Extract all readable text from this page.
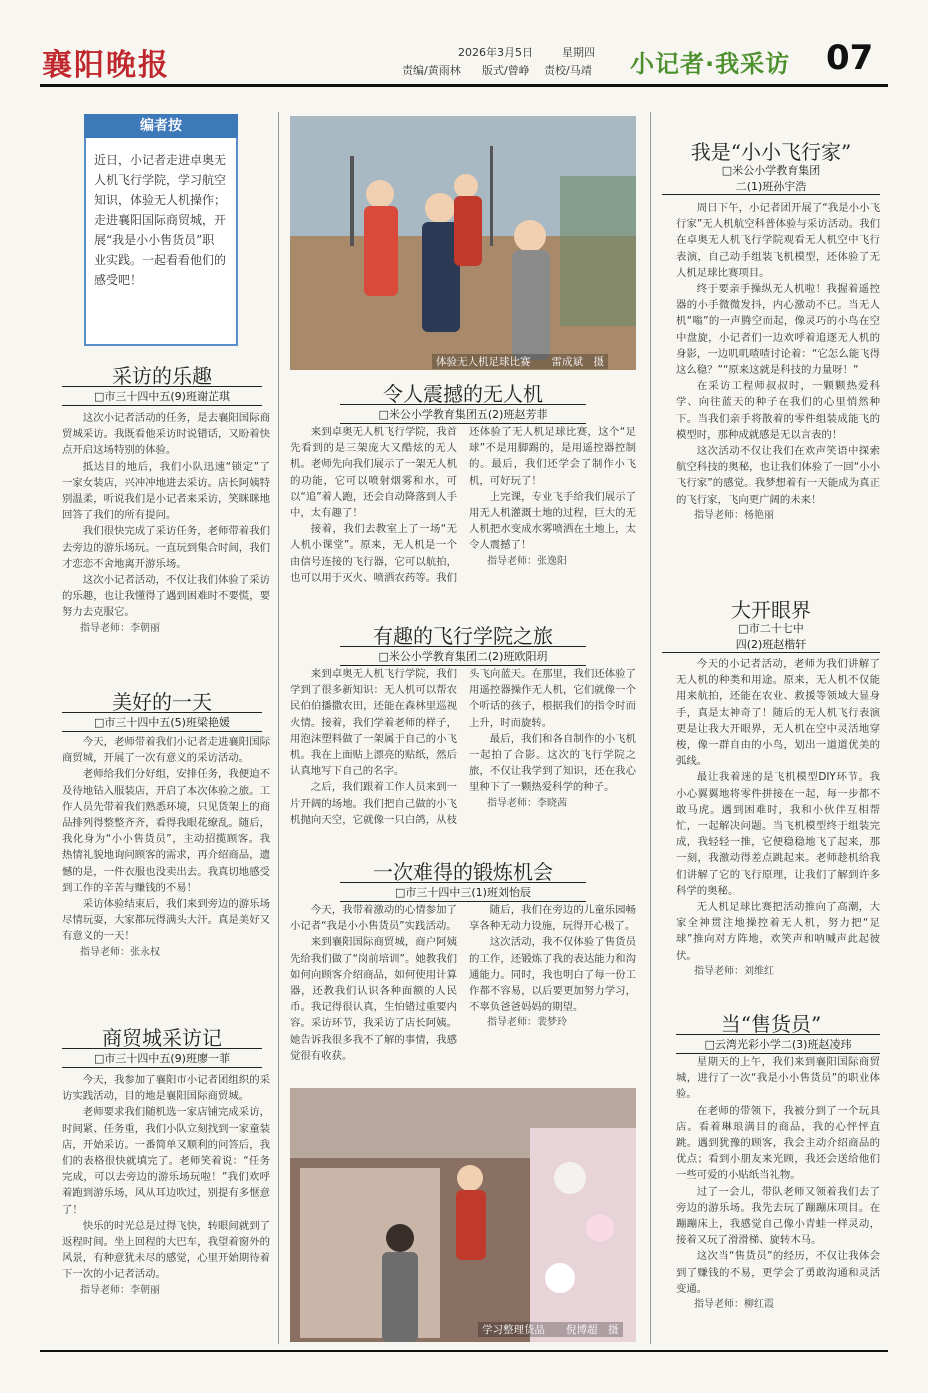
襄阳晚报	2026年3月5日	星期四
责编/黄雨林 版式/曾峥 责校/马靖 小记者·我采访 07
编者按
近日，小记者走进卓奥无人机飞行学院，学习航空知识，体验无人机操作；走进襄阳国际商贸城，开展“我是小小售货员”职业实践。一起看看他们的感受吧！
体验无人机足球比赛　　雷成斌　摄
采访的乐趣
□市三十四中五(9)班谢芷琪

这次小记者活动的任务，是去襄阳国际商贸城采访。我既看他采访时说错话，又盼着快点开启这场特别的体验。

抵达目的地后，我们小队迅速“锁定”了一家女装店，兴冲冲地进去采访。店长阿姨特别温柔，听说我们是小记者来采访，笑眯眯地回答了我们的所有提问。

我们很快完成了采访任务，老师带着我们去旁边的游乐场玩。一直玩到集合时间，我们才恋恋不舍地离开游乐场。

这次小记者活动，不仅让我们体验了采访的乐趣，也让我懂得了遇到困难时不要慌，要努力去克服它。

指导老师：李朝丽

美好的一天
□市三十四中五(5)班梁艳媛

今天，老师带着我们小记者走进襄阳国际商贸城，开展了一次有意义的采访活动。

老师给我们分好组，安排任务，我便迫不及待地钻入服装店，开启了本次体验之旅。工作人员先带着我们熟悉环境，只见货架上的商品排列得整整齐齐，看得我眼花缭乱。随后，我化身为“小小售货员”，主动招揽顾客。我热情礼貌地询问顾客的需求，再介绍商品，遗憾的是，一件衣服也没卖出去。我真切地感受到工作的辛苦与赚钱的不易！

采访体验结束后，我们来到旁边的游乐场尽情玩耍，大家都玩得满头大汗。真是美好又有意义的一天！

指导老师：张永权

商贸城采访记
□市三十四中五(9)班廖一菲

今天，我参加了襄阳市小记者团组织的采访实践活动，目的地是襄阳国际商贸城。

老师要求我们随机选一家店铺完成采访，时间紧、任务重，我们小队立刻找到一家童装店，开始采访。一番简单又顺利的问答后，我们的表格很快就填完了。老师笑着说：“任务完成，可以去旁边的游乐场玩啦！”我们欢呼着跑到游乐场，风从耳边吹过，别提有多惬意了！

快乐的时光总是过得飞快，转眼间就到了返程时间。坐上回程的大巴车，我望着窗外的风景，有种意犹未尽的感觉，心里开始期待着下一次的小记者活动。

指导老师：李朝丽

令人震撼的无人机
□米公小学教育集团五(2)班赵芳菲

来到卓奥无人机飞行学院，我首先看到的是三架庞大又酷炫的无人机。老师先向我们展示了一架无人机的功能，它可以喷射烟雾和水，可以“追”着人跑，还会自动降落到人手中，太有趣了！

接着，我们去教室上了一场“无人机小课堂”。原来，无人机是一个由信号连接的飞行器，它可以航拍，也可以用于灭火、喷洒农药等。我们还体验了无人机足球比赛，这个“足球”不是用脚踢的，是用遥控器控制的。最后，我们还学会了制作小飞机，可好玩了！

上完课，专业飞手给我们展示了用无人机灌溉土地的过程，巨大的无人机把水变成水雾喷洒在土地上，太令人震撼了！

指导老师：张逸阳

有趣的飞行学院之旅
□米公小学教育集团二(2)班欧阳玥

来到卓奥无人机飞行学院，我们学到了很多新知识：无人机可以帮农民伯伯播撒农田，还能在森林里巡视火情。接着，我们学着老师的样子，用泡沫塑料做了一架属于自己的小飞机。我在上面贴上漂亮的贴纸，然后认真地写下自己的名字。

之后，我们跟着工作人员来到一片开阔的场地。我们把自己做的小飞机抛向天空，它就像一只白鸽，从枝头飞向蓝天。在那里，我们还体验了用遥控器操作无人机，它们就像一个个听话的孩子，根据我们的指令时而上升，时而旋转。

最后，我们和各自制作的小飞机一起拍了合影。这次的飞行学院之旅，不仅让我学到了知识，还在我心里种下了一颗热爱科学的种子。

指导老师：李晓茜

一次难得的锻炼机会
□市三十四中三(1)班刘怡辰

今天，我带着激动的心情参加了小记者“我是小小售货员”实践活动。

来到襄阳国际商贸城，商户阿姨先给我们做了“岗前培训”。她教我们如何向顾客介绍商品，如何使用计算器，还教我们认识各种面额的人民币。我记得很认真，生怕错过重要内容。采访环节，我采访了店长阿姨。她告诉我很多我不了解的事情，我感觉很有收获。

随后，我们在旁边的儿童乐园畅享各种无动力设施，玩得开心极了。

这次活动，我不仅体验了售货员的工作，还锻炼了我的表达能力和沟通能力。同时，我也明白了每一份工作都不容易，以后要更加努力学习，不辜负爸爸妈妈的期望。

指导老师：裴梦玲

学习整理货品　　倪博超　摄
我是“小小飞行家”
□米公小学教育集团
二(1)班孙宇浩

周日下午，小记者团开展了“我是小小飞行家”无人机航空科普体验与采访活动。我们在卓奥无人机飞行学院观看无人机空中飞行表演，自己动手组装飞机模型，还体验了无人机足球比赛项目。

终于要亲手操纵无人机啦！我握着遥控器的小手微微发抖，内心激动不已。当无人机“嗡”的一声腾空而起，像灵巧的小鸟在空中盘旋，小记者们一边欢呼着追逐无人机的身影，一边叽叽喳喳讨论着：“它怎么能飞得这么稳？”“原来这就是科技的力量呀！”

在采访工程师叔叔时，一颗颗热爱科学、向往蓝天的种子在我们的心里悄然种下。当我们亲手将散着的零件组装成能飞的模型时，那种成就感是无以言表的！

这次活动不仅让我们在欢声笑语中探索航空科技的奥秘，也让我们体验了一回“小小飞行家”的感觉。我梦想着有一天能成为真正的飞行家，飞向更广阔的未来！

指导老师：杨艳丽

大开眼界
□市二十七中
四(2)班赵楷轩

今天的小记者活动，老师为我们讲解了无人机的种类和用途。原来，无人机不仅能用来航拍，还能在农业、救援等领域大显身手，真是太神奇了！随后的无人机飞行表演更是让我大开眼界，无人机在空中灵活地穿梭，像一群自由的小鸟，划出一道道优美的弧线。

最让我着迷的是飞机模型DIY环节。我小心翼翼地将零件拼接在一起，每一步都不敢马虎。遇到困难时，我和小伙伴互相帮忙，一起解决问题。当飞机模型终于组装完成，我轻轻一推，它便稳稳地飞了起来，那一刻，我激动得差点跳起来。老师趁机给我们讲解了它的飞行原理，让我们了解到许多科学的奥秘。

无人机足球比赛把活动推向了高潮，大家全神贯注地操控着无人机，努力把“足球”推向对方阵地，欢笑声和呐喊声此起彼伏。

指导老师：刘维红

当“售货员”
□云湾光彩小学二(3)班赵凌玮

星期天的上午，我们来到襄阳国际商贸城，进行了一次“我是小小售货员”的职业体验。

在老师的带领下，我被分到了一个玩具店。看着琳琅满目的商品，我的心怦怦直跳。遇到犹豫的顾客，我会主动介绍商品的优点；看到小朋友来光顾，我还会送给他们一些可爱的小贴纸当礼物。

过了一会儿，带队老师又领着我们去了旁边的游乐场。我先去玩了蹦蹦床项目。在蹦蹦床上，我感觉自己像小青蛙一样灵动，接着又玩了滑滑梯、旋转木马。

这次当“售货员”的经历，不仅让我体会到了赚钱的不易，更学会了勇敢沟通和灵活变通。

指导老师：柳红霞
